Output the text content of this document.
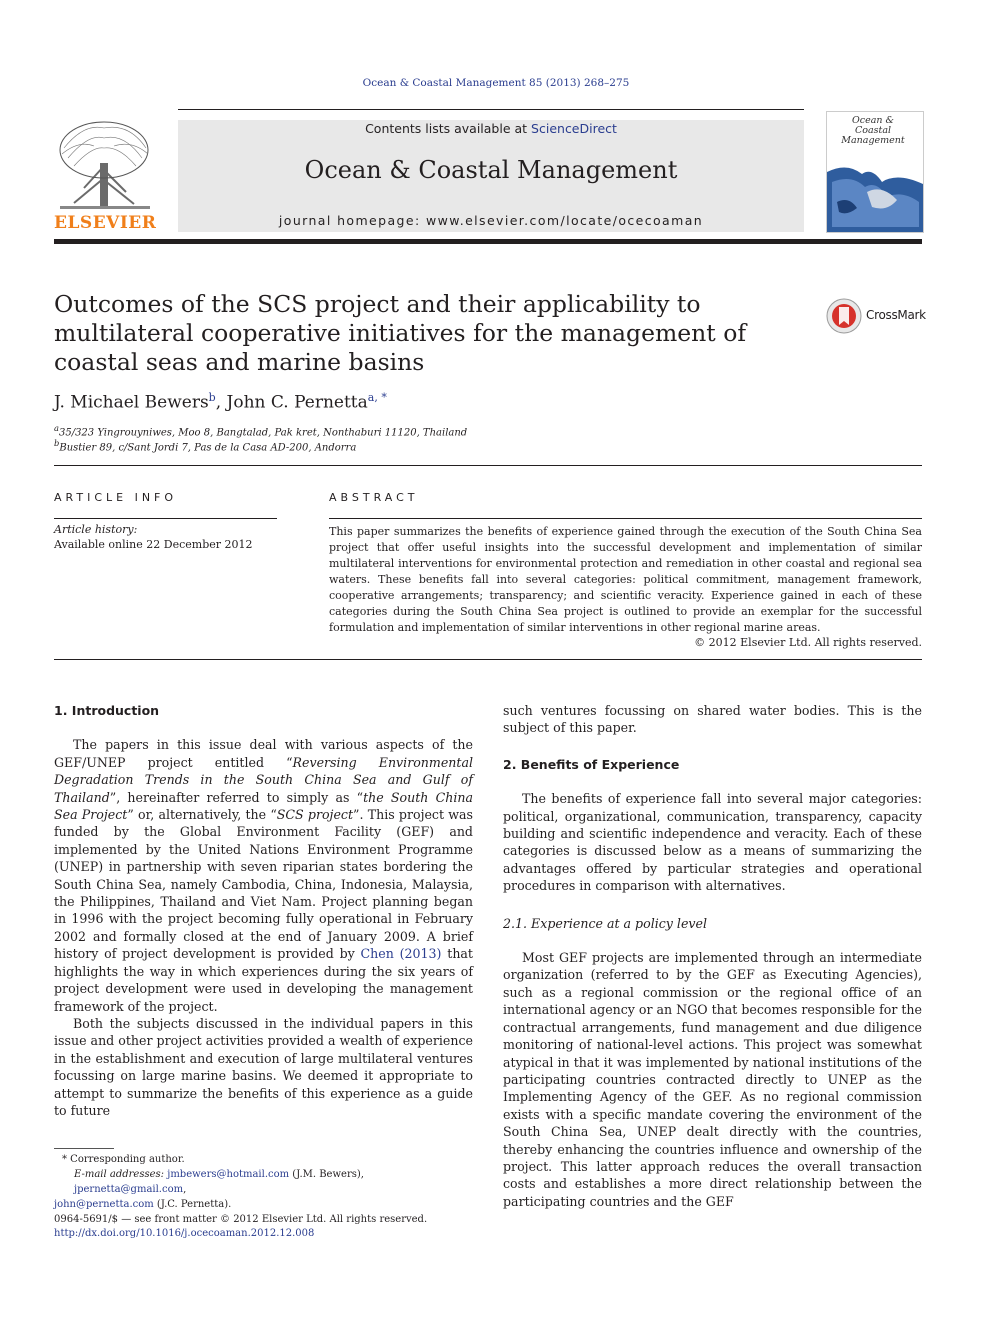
Ocean & Coastal Management 85 (2013) 268–275
ELSEVIER
Contents lists available at ScienceDirect
Ocean & Coastal Management
journal homepage: www.elsevier.com/locate/ocecoaman
Ocean & Coastal Management
Outcomes of the SCS project and their applicability to multilateral cooperative initiatives for the management of coastal seas and marine basins
CrossMark
J. Michael Bewers$^b$, John C. Pernetta$^{a, *}$
$^a$35/323 Yingrouyniwes, Moo 8, Bangtalad, Pak kret, Nonthaburi 11120, Thailand
$^b$Bustier 89, c/Sant Jordi 7, Pas de la Casa AD-200, Andorra
ARTICLE INFO
Article history:
Available online 22 December 2012
ABSTRACT
This paper summarizes the benefits of experience gained through the execution of the South China Sea project that offer useful insights into the successful development and implementation of similar multilateral interventions for environmental protection and remediation in other coastal and regional sea waters. These benefits fall into several categories: political commitment, management framework, cooperative arrangements; transparency; and scientific veracity. Experience gained in each of these categories during the South China Sea project is outlined to provide an exemplar for the successful formulation and implementation of similar interventions in other regional marine areas.
© 2012 Elsevier Ltd. All rights reserved.
1. Introduction

The papers in this issue deal with various aspects of the GEF/UNEP project entitled “Reversing Environmental Degradation Trends in the South China Sea and Gulf of Thailand”, hereinafter referred to simply as “the South China Sea Project” or, alternatively, the “SCS project”. This project was funded by the Global Environment Facility (GEF) and implemented by the United Nations Environment Programme (UNEP) in partnership with seven riparian states bordering the South China Sea, namely Cambodia, China, Indonesia, Malaysia, the Philippines, Thailand and Viet Nam. Project planning began in 1996 with the project becoming fully operational in February 2002 and formally closed at the end of January 2009. A brief history of project development is provided by Chen (2013) that highlights the way in which experiences during the six years of project development were used in developing the management framework of the project.

Both the subjects discussed in the individual papers in this issue and other project activities provided a wealth of experience in the establishment and execution of large multilateral ventures focussing on large marine basins. We deemed it appropriate to attempt to summarize the benefits of this experience as a guide to future

* Corresponding author.
E-mail addresses: jmbewers@hotmail.com (J.M. Bewers), jpernetta@gmail.com,
john@pernetta.com (J.C. Pernetta).
0964-5691/$ — see front matter © 2012 Elsevier Ltd. All rights reserved.
http://dx.doi.org/10.1016/j.ocecoaman.2012.12.008

such ventures focussing on shared water bodies. This is the subject of this paper.

2. Benefits of Experience

The benefits of experience fall into several major categories: political, organizational, communication, transparency, capacity building and scientific independence and veracity. Each of these categories is discussed below as a means of summarizing the advantages offered by particular strategies and operational procedures in comparison with alternatives.

2.1. Experience at a policy level

Most GEF projects are implemented through an intermediate organization (referred to by the GEF as Executing Agencies), such as a regional commission or the regional office of an international agency or an NGO that becomes responsible for the contractual arrangements, fund management and due diligence monitoring of national-level actions. This project was somewhat atypical in that it was implemented by national institutions of the participating countries contracted directly to UNEP as the Implementing Agency of the GEF. As no regional commission exists with a specific mandate covering the environment of the South China Sea, UNEP dealt directly with the countries, thereby enhancing the countries influence and ownership of the project. This latter approach reduces the overall transaction costs and establishes a more direct relationship between the participating countries and the GEF
